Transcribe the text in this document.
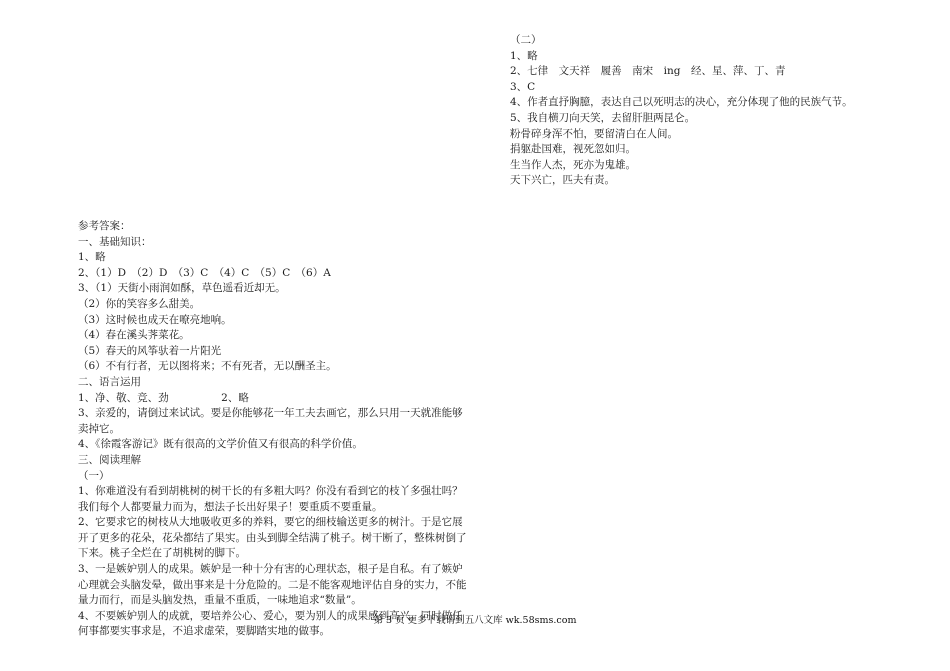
（二）
1、略
2、七律　文天祥　履善　南宋　ing　经、星、萍、丁、青
3、C
4、作者直抒胸臆，表达自己以死明志的决心，充分体现了他的民族气节。
5、我自横刀向天笑，去留肝胆两昆仑。
粉骨碎身浑不怕，要留清白在人间。
捐躯赴国难，视死忽如归。
生当作人杰，死亦为鬼雄。
天下兴亡，匹夫有责。
参考答案：
一、基础知识：
1、略
2、（1）D　（2）D　（3）C　（4）C　（5）C　（6）A
3、（1）天街小雨润如酥，草色遥看近却无。
（2）你的笑容多么甜美。
（3）这时候也成天在嘹亮地响。
（4）春在溪头荠菜花。
（5）春天的风筝驮着一片阳光
（6）不有行者，无以图将来；不有死者，无以酬圣主。
二、语言运用
1、净、敬、竞、劲　　　　　2、略
3、亲爱的，请倒过来试试。要是你能够花一年工夫去画它，那么只用一天就准能够
卖掉它。
4、《徐霞客游记》既有很高的文学价值又有很高的科学价值。
三、阅读理解
（一）
1、你难道没有看到胡桃树的树干长的有多粗大吗？你没有看到它的枝丫多强壮吗？
我们每个人都要量力而为，想法子长出好果子！要重质不要重量。
2、它要求它的树枝从大地吸收更多的养料，要它的细枝输送更多的树汁。于是它展
开了更多的花朵，花朵都结了果实。由头到脚全结满了桃子。树干断了，整株树倒了
下来。桃子全烂在了胡桃树的脚下。
3、一是嫉妒别人的成果。嫉妒是一种十分有害的心理状态，根子是自私。有了嫉妒
心理就会头脑发晕，做出事来是十分危险的。二是不能客观地评估自身的实力，不能
量力而行，而是头脑发热，重量不重质，一味地追求“数量”。
4、不要嫉妒别人的成就，要培养公心、爱心，要为别人的成果感到高兴。同时做任
何事都要实事求是，不追求虚荣，要脚踏实地的做事。
第 3 页 更多下载请到五八文库 wk.58sms.com
